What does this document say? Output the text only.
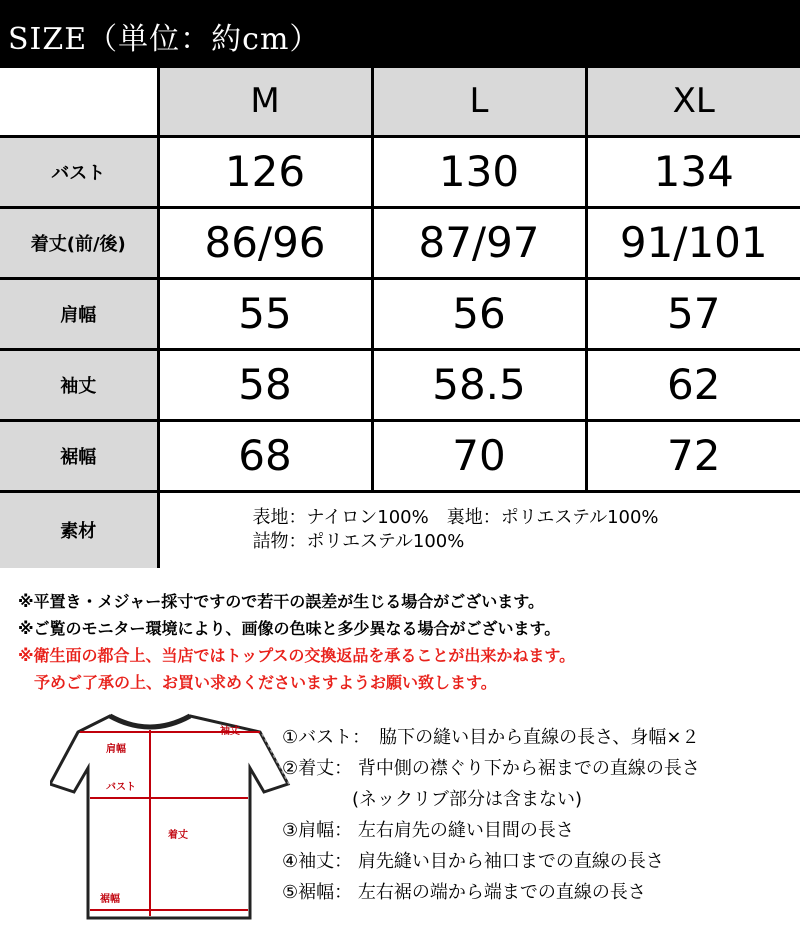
SIZE（単位：約cm）
	M	L	XL
バスト	126	130	134
着丈(前/後)	86/96	87/97	91/101
肩幅	55	56	57
袖丈	58	58.5	62
裾幅	68	70	72
素材	表地：ナイロン100%　裏地：ポリエステル100%
詰物：ポリエステル100%		
※平置き・メジャー採寸ですので若干の誤差が生じる場合がございます。
※ご覧のモニター環境により、画像の色味と多少異なる場合がございます。
※衛生面の都合上、当店ではトップスの交換返品を承ることが出来かねます。
予めご了承の上、お買い求めくださいますようお願い致します。
袖丈
肩幅
バスト
着丈
裾幅
①バスト：　脇下の縫い目から直線の長さ、身幅×２
②着丈： 背中側の襟ぐり下から裾までの直線の長さ
(ネックリブ部分は含まない)
③肩幅： 左右肩先の縫い目間の長さ
④袖丈： 肩先縫い目から袖口までの直線の長さ
⑤裾幅： 左右裾の端から端までの直線の長さ
